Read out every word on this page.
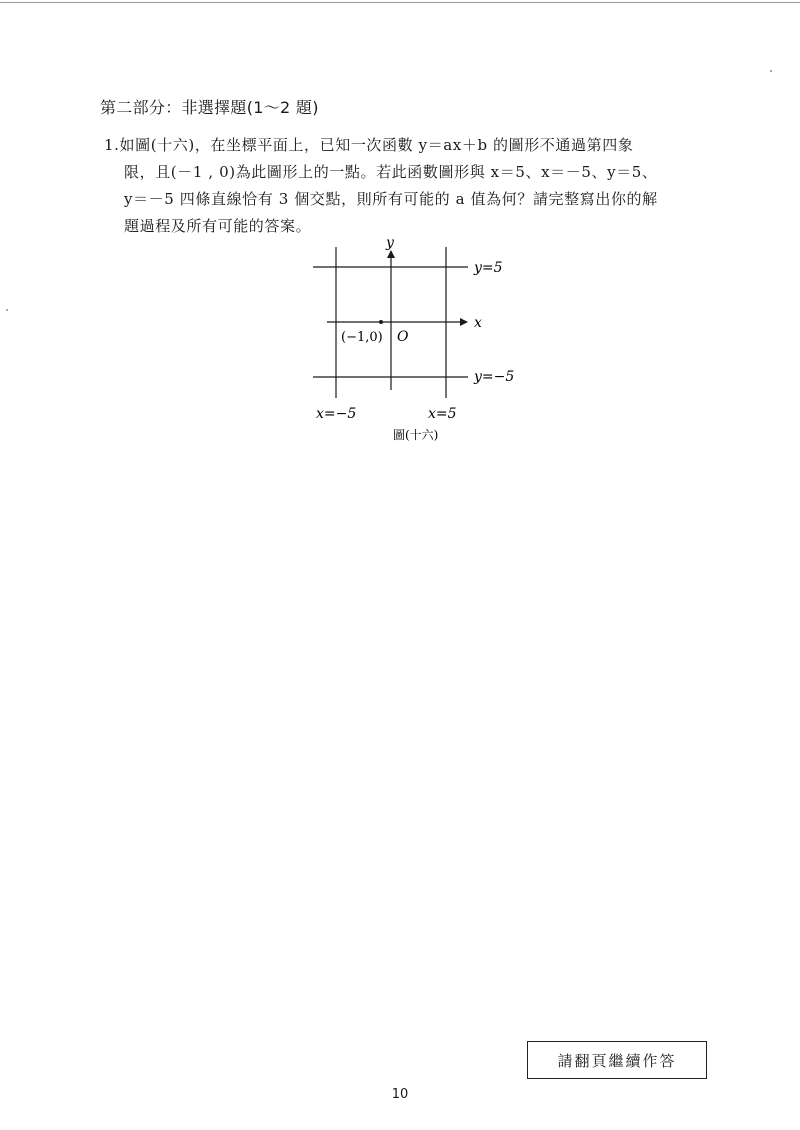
第二部分：非選擇題(1～2 題)
1.如圖(十六)，在坐標平面上，已知一次函數 y＝ax＋b 的圖形不通過第四象
限，且(－1 , 0)為此圖形上的一點。若此函數圖形與 x＝5、x＝－5、y＝5、
y＝－5 四條直線恰有 3 個交點，則所有可能的 a 值為何？請完整寫出你的解
題過程及所有可能的答案。
y
x
y=5
y=−5
x=−5	x=5
(−1,0) O
圖(十六)
請翻頁繼續作答
10
